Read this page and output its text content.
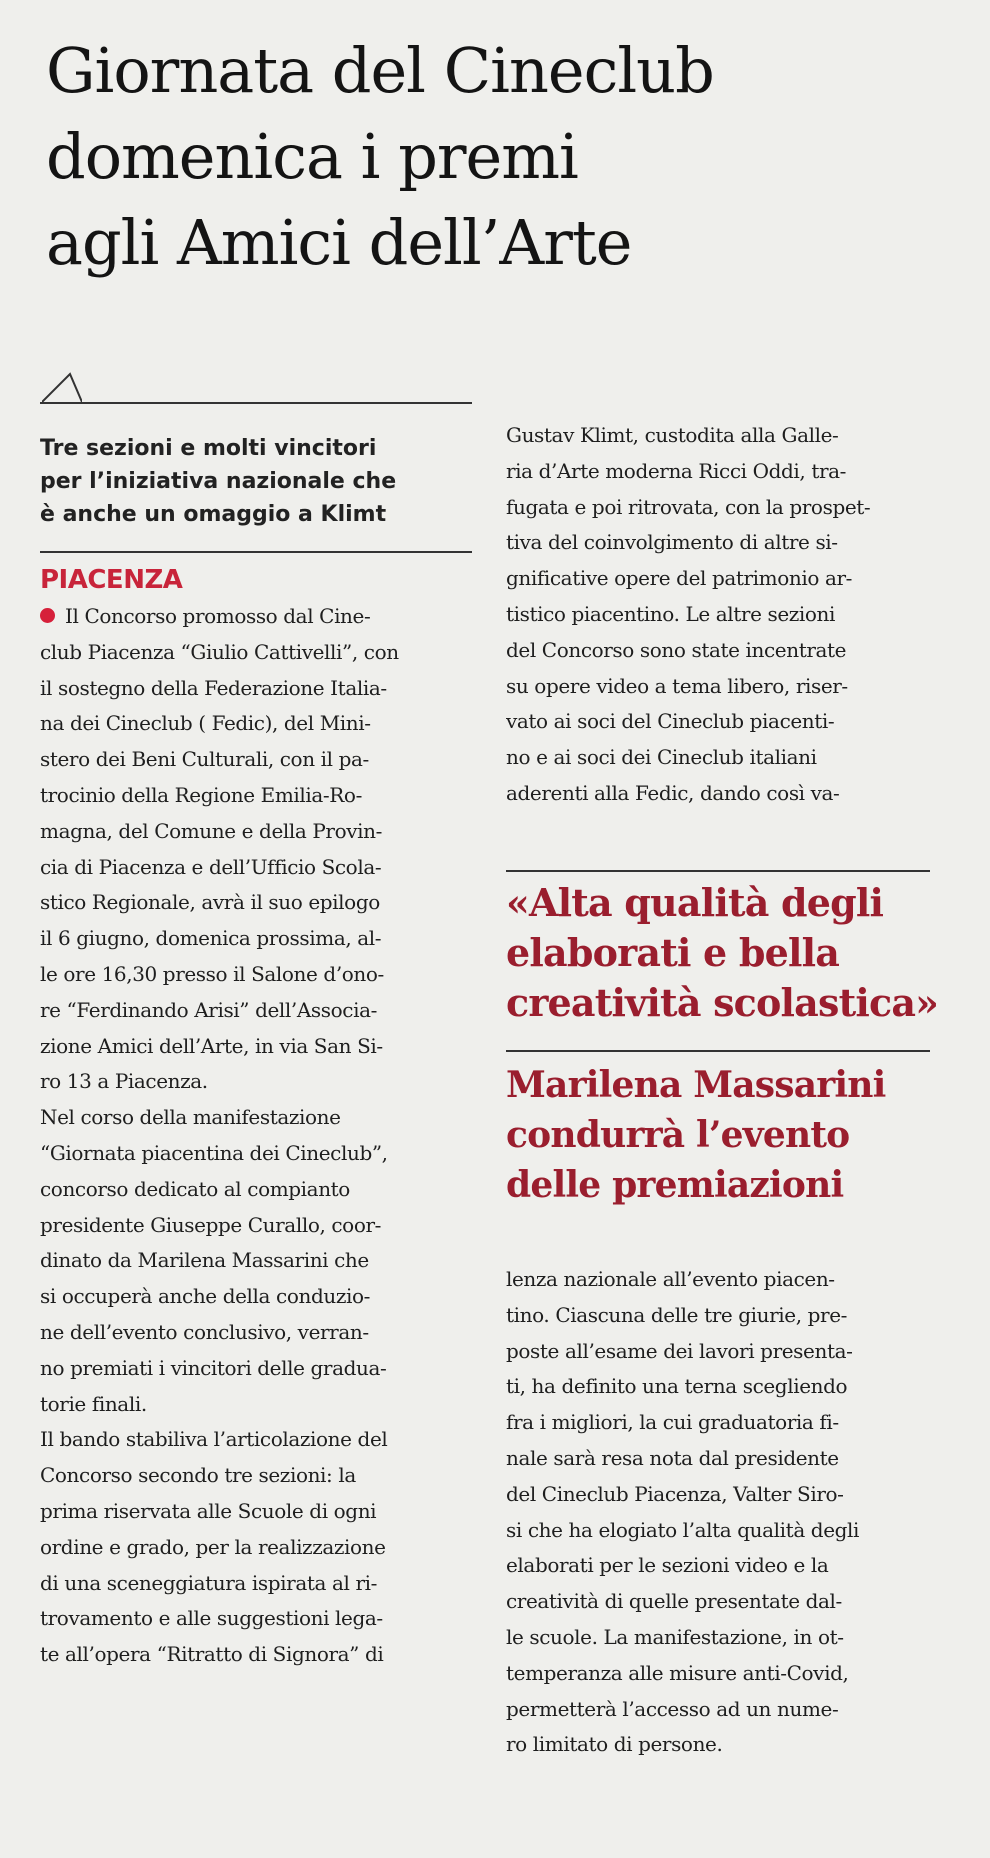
Giornata del Cineclub
domenica i premi
agli Amici dell’Arte
Tre sezioni e molti vincitori
per l’iniziativa nazionale che
è anche un omaggio a Klimt
PIACENZA
Il Concorso promosso dal Cine-
club Piacenza “Giulio Cattivelli”, con
il sostegno della Federazione Italia-
na dei Cineclub ( Fedic), del Mini-
stero dei Beni Culturali, con il pa-
trocinio della Regione Emilia-Ro-
magna, del Comune e della Provin-
cia di Piacenza e dell’Ufficio Scola-
stico Regionale, avrà il suo epilogo
il 6 giugno, domenica prossima, al-
le ore 16,30 presso il Salone d’ono-
re “Ferdinando Arisi” dell’Associa-
zione Amici dell’Arte, in via San Si-
ro 13 a Piacenza.
Nel corso della manifestazione
“Giornata piacentina dei Cineclub”,
concorso dedicato al compianto
presidente Giuseppe Curallo, coor-
dinato da Marilena Massarini che
si occuperà anche della conduzio-
ne dell’evento conclusivo, verran-
no premiati i vincitori delle gradua-
torie finali.
Il bando stabiliva l’articolazione del
Concorso secondo tre sezioni: la
prima riservata alle Scuole di ogni
ordine e grado, per la realizzazione
di una sceneggiatura ispirata al ri-
trovamento e alle suggestioni lega-
te all’opera “Ritratto di Signora” di
Gustav Klimt, custodita alla Galle-
ria d’Arte moderna Ricci Oddi, tra-
fugata e poi ritrovata, con la prospet-
tiva del coinvolgimento di altre si-
gnificative opere del patrimonio ar-
tistico piacentino. Le altre sezioni
del Concorso sono state incentrate
su opere video a tema libero, riser-
vato ai soci del Cineclub piacenti-
no e ai soci dei Cineclub italiani
aderenti alla Fedic, dando così va-
«Alta qualità degli
elaborati e bella
creatività scolastica»
Marilena Massarini
condurrà l’evento
delle premiazioni
lenza nazionale all’evento piacen-
tino. Ciascuna delle tre giurie, pre-
poste all’esame dei lavori presenta-
ti, ha definito una terna scegliendo
fra i migliori, la cui graduatoria fi-
nale sarà resa nota dal presidente
del Cineclub Piacenza, Valter Siro-
si che ha elogiato l’alta qualità degli
elaborati per le sezioni video e la
creatività di quelle presentate dal-
le scuole. La manifestazione, in ot-
temperanza alle misure anti-Covid,
permetterà l’accesso ad un nume-
ro limitato di persone.
